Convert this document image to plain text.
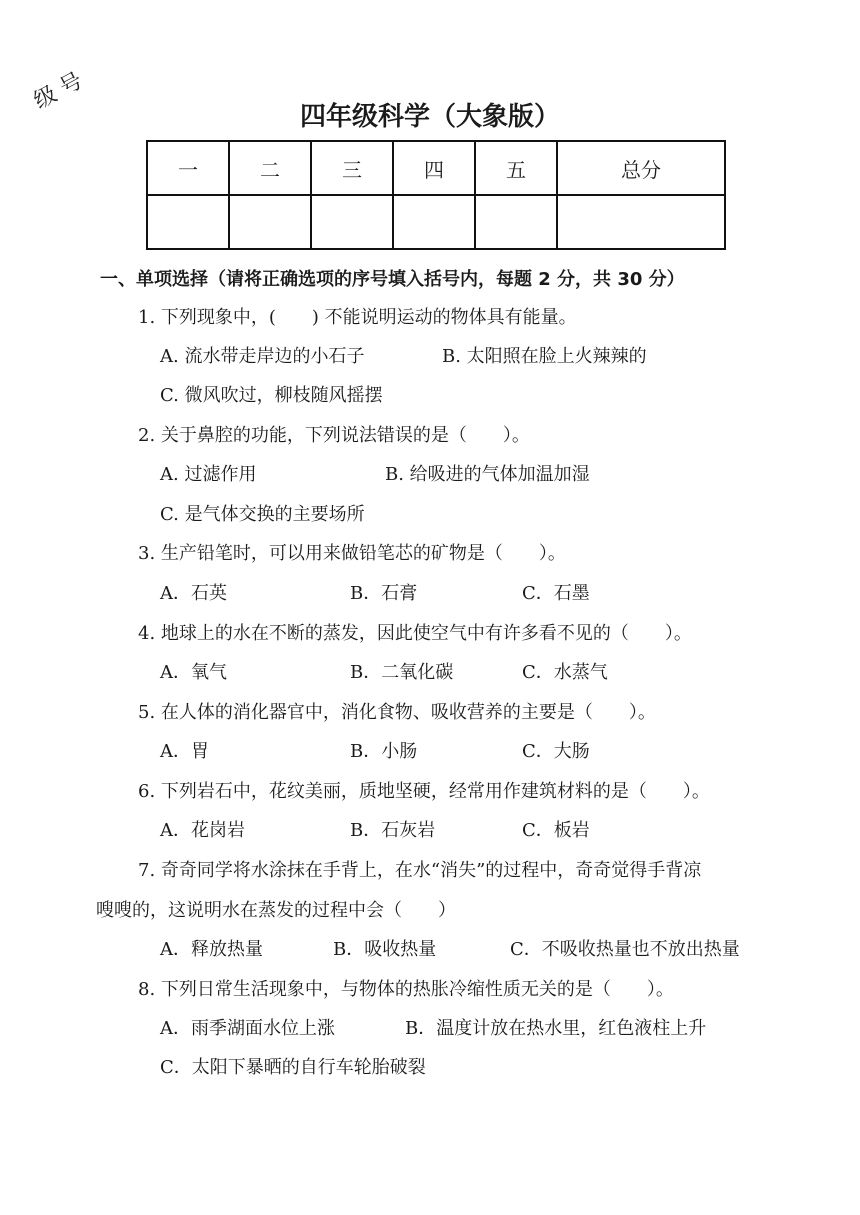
级 号
四年级科学（大象版）
一	二	三	四	五	总分

一、单项选择（请将正确选项的序号填入括号内，每题 2 分，共 30 分）
1. 下列现象中，(　　) 不能说明运动的物体具有能量。
A. 流水带走岸边的小石子	B. 太阳照在脸上火辣辣的
C. 微风吹过，柳枝随风摇摆
2. 关于鼻腔的功能，下列说法错误的是（　　）。
A. 过滤作用	B. 给吸进的气体加温加湿
C. 是气体交换的主要场所
3. 生产铅笔时，可以用来做铅笔芯的矿物是（　　）。
A．石英	B．石膏	C．石墨
4. 地球上的水在不断的蒸发，因此使空气中有许多看不见的（　　）。
A．氧气	B．二氧化碳	C．水蒸气
5. 在人体的消化器官中，消化食物、吸收营养的主要是（　　）。
A．胃	B．小肠	C．大肠
6. 下列岩石中，花纹美丽，质地坚硬，经常用作建筑材料的是（　　）。
A．花岗岩	B．石灰岩	C．板岩
7. 奇奇同学将水涂抹在手背上，在水“消失”的过程中，奇奇觉得手背凉
嗖嗖的，这说明水在蒸发的过程中会（　　）
A．释放热量	B．吸收热量	C．不吸收热量也不放出热量
8. 下列日常生活现象中，与物体的热胀冷缩性质无关的是（　　）。
A．雨季湖面水位上涨	B．温度计放在热水里，红色液柱上升
C．太阳下暴晒的自行车轮胎破裂
